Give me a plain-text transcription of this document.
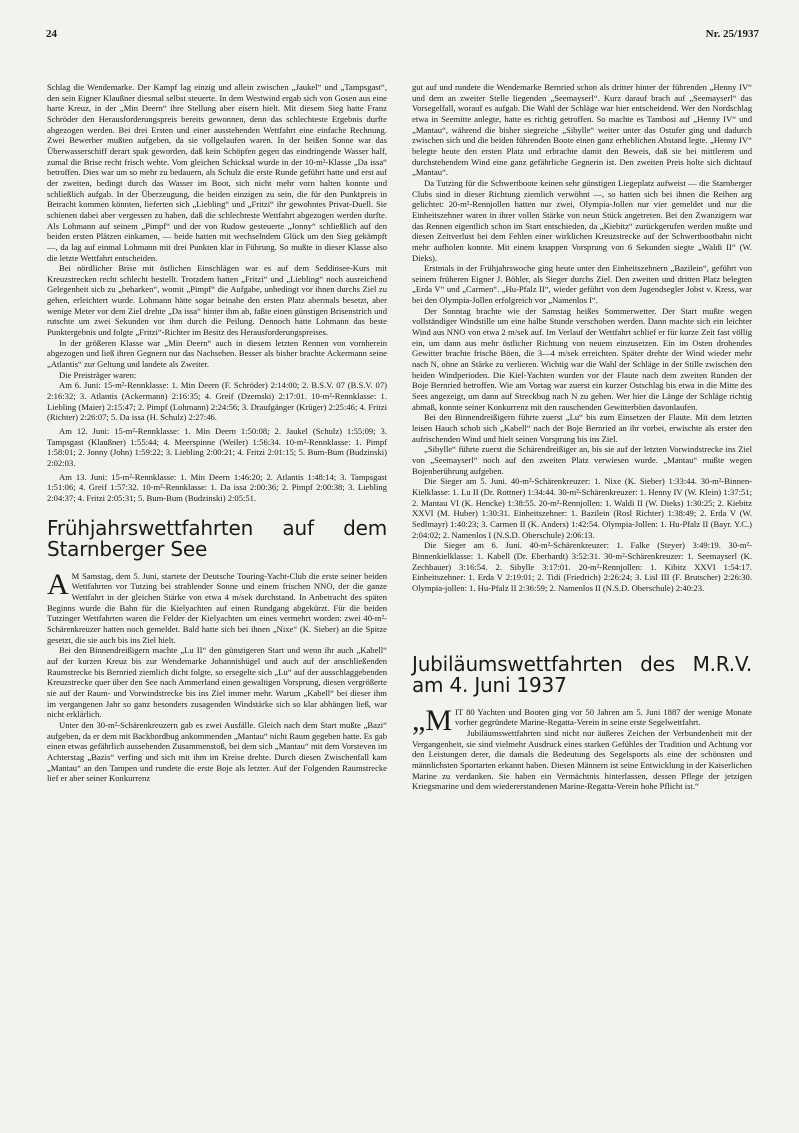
24	Nr. 25/1937

Schlag die Wendemarke. Der Kampf lag einzig und allein zwischen „Jaukel“ und „Tampsgast“, den sein Eigner Klaußner diesmal selbst steuerte. In dem Westwind ergab sich von Gosen aus eine harte Kreuz, in der „Min Deern“ ihre Stellung aber eisern hielt. Mit diesem Sieg hatte Franz Schröder den Herausforderungspreis bereits gewonnen, denn das schlechteste Ergebnis durfte abgezogen werden. Bei drei Ersten und einer ausstehenden Wettfahrt eine einfache Rechnung. Zwei Bewerber mußten aufgeben, da sie vollgelaufen waren. In der heißen Sonne war das Überwasserschiff derart spak geworden, daß kein Schöpfen gegen das eindringende Wasser half, zumal die Brise recht frisch wehte. Vom gleichen Schicksal wurde in der 10-m²-Klasse „Da issa“ betroffen. Dies war um so mehr zu bedauern, als Schulz die erste Runde geführt hatte und erst auf der zweiten, bedingt durch das Wasser im Boot, sich nicht mehr vorn halten konnte und schließlich aufgab. In der Überzeugung, die beiden einzigen zu sein, die für den Punktpreis in Betracht kommen könnten, lieferten sich „Liebling“ und „Fritzi“ ihr gewohntes Privat-Duell. Sie schienen dabei aber vergessen zu haben, daß die schlechteste Wettfahrt abgezogen werden durfte. Als Lohmann auf seinem „Pimpf“ und der von Rudow gesteuerte „Jonny“ schließlich auf den beiden ersten Plätzen einkamen, — beide hatten mit wechselndem Glück um den Sieg gekämpft —, da lag auf einmal Lohmann mit drei Punkten klar in Führung. So mußte in dieser Klasse also die letzte Wettfahrt entscheiden.

Bei nördlicher Brise mit östlichen Einschlägen war es auf dem Seddinsee-Kurs mit Kreuzstrecken recht schlecht bestellt. Trotzdem hatten „Fritzi“ und „Liebling“ noch ausreichend Gelegenheit sich zu „beharken“, womit „Pimpf“ die Aufgabe, unbedingt vor ihnen durchs Ziel zu gehen, erleichtert wurde. Lohmann hätte sogar beinahe den ersten Platz abermals besetzt, aber wenige Meter vor dem Ziel drehte „Da issa“ hinter ihm ab, faßte einen günstigen Brisenstrich und rutschte um zwei Sekunden vor ihm durch die Peilung. Dennoch hatte Lohmann das beste Punktergebnis und folgte „Fritzi“-Richter im Besitz des Herausforderungspreises.

In der größeren Klasse war „Min Deern“ auch in diesem letzten Rennen von vornherein abgezogen und ließ ihren Gegnern nur das Nachsehen. Besser als bisher brachte Ackermann seine „Atlantis“ zur Geltung und landete als Zweiter.

Die Preisträger waren:

Am 6. Juni: 15-m²-Rennklasse: 1. Min Deern (F. Schröder) 2:14:00; 2. B.S.V. 07 (B.S.V. 07) 2:16:32; 3. Atlantis (Ackermann) 2:16:35; 4. Greif (Dzemski) 2:17:01. 10-m²-Rennklasse: 1. Liebling (Maier) 2:15:47; 2. Pimpf (Lohmann) 2:24:56; 3. Draufgänger (Krüger) 2:25:46; 4. Fritzi (Richter) 2:26:07; 5. Da issa (H. Schulz) 2:27:46.

Am 12. Juni: 15-m²-Rennklasse: 1. Min Deern 1:50:08; 2. Jaukel (Schulz) 1:55:09; 3. Tampsgast (Klaußner) 1:55:44; 4. Meerspinne (Weiler) 1:56:34. 10-m²-Rennklasse: 1. Pimpf 1:58:01; 2. Jonny (John) 1:59:22; 3. Liebling 2:00:21; 4. Fritzi 2:01:15; 5. Bum-Bum (Budzinski) 2:02:03.

Am 13. Juni: 15-m²-Rennklasse: 1. Min Deern 1:46:20; 2. Atlantis 1:48:14; 3. Tampsgast 1:51:06; 4. Greif 1:57:32. 10-m²-Rennklasse: 1. Da issa 2:00:36; 2. Pimpf 2:00:38; 3. Liebling 2:04:37; 4. Fritzi 2:05:31; 5. Bum-Bum (Budzinski) 2:05:51.

Frühjahrswettfahrten auf dem Starnberger See

A M Samstag, dem 5. Juni, startete der Deutsche Touring-Yacht-Club die erste seiner beiden Wettfahrten vor Tutzing bei strahlender Sonne und einem frischen NNO, der die ganze Wettfahrt in der gleichen Stärke von etwa 4 m/sek durchstand. In Anbetracht des späten Beginns wurde die Bahn für die Kielyachten auf einen Rundgang abgekürzt. Für die beiden Tutzinger Wettfahrten waren die Felder der Kielyachten um eines vermehrt worden: zwei 40-m²-Schärenkreuzer hatten noch gemeldet. Bald hatte sich bei ihnen „Nixe“ (K. Sieber) an die Spitze gesetzt, die sie auch bis ins Ziel hielt.

Bei den Binnendreißigern machte „Lu II“ den günstigeren Start und wenn ihr auch „Kabell“ auf der kurzen Kreuz bis zur Wendemarke Johannishügel und auch auf der anschließenden Raumstrecke bis Bernried ziemlich dicht folgte, so ersegelte sich „Lu“ auf der ausschlaggebenden Kreuzstrecke quer über den See nach Ammerland einen gewaltigen Vorsprung, diesen vergrößerte sie auf der Raum- und Vorwindstrecke bis ins Ziel immer mehr. Warum „Kabell“ bei dieser ihm im vergangenen Jahr so ganz besonders zusagenden Windstärke sich so klar abhängen ließ, war nicht erklärlich.

Unter den 30-m²-Schärenkreuzern gab es zwei Ausfälle. Gleich nach dem Start mußte „Bazi“ aufgeben, da er dem mit Backbordbug ankommenden „Mantau“ nicht Raum gegeben hatte. Es gab einen etwas gefährlich aussehenden Zusammenstoß, bei dem sich „Mantau“ mit dem Vorsteven im Achterstag „Bazis“ verfing und sich mit ihm im Kreise drehte. Durch diesen Zwischenfall kam „Mantau“ an den Tampen und rundete die erste Boje als letzter. Auf der Folgenden Raumstrecke lief er aber seiner Konkurrenz

gut auf und rundete die Wendemarke Bernried schon als dritter hinter der führenden „Henny IV“ und dem an zweiter Stelle liegenden „Seemayserl“. Kurz darauf brach auf „Seemayserl“ das Vorsegelfall, worauf es aufgab. Die Wahl der Schläge war hier entscheidend. Wer den Nordschlag etwa in Seemitte anlegte, hatte es richtig getroffen. So machte es Tambosi auf „Henny IV“ und „Mantau“, während die bisher siegreiche „Sibylle“ weiter unter das Ostufer ging und dadurch zwischen sich und die beiden führenden Boote einen ganz erheblichen Abstand legte. „Henny IV“ belegte heute den ersten Platz und erbrachte damit den Beweis, daß sie bei mittlerem und durchstehendem Wind eine ganz gefährliche Gegnerin ist. Den zweiten Preis holte sich dichtauf „Mantau“.

Da Tutzing für die Schwertboote keinen sehr günstigen Liegeplatz aufweist — die Starnberger Clubs sind in dieser Richtung ziemlich verwöhnt —, so hatten sich bei ihnen die Reihen arg gelichtet: 20-m²-Rennjollen hatten nur zwei, Olympia-Jollen nur vier gemeldet und nur die Einheitszehner waren in ihrer vollen Stärke von neun Stück angetreten. Bei den Zwanzigern war das Rennen eigentlich schon im Start entschieden, da „Kiebitz“ zurückgerufen werden mußte und diesen Zeitverlust bei dem Fehlen einer wirklichen Kreuzstrecke auf der Schwertbootbahn nicht mehr aufholen konnte. Mit einem knappen Vorsprung von 6 Sekunden siegte „Waldi II“ (W. Dieks).

Erstmals in der Frühjahrswoche ging heute unter den Einheitszehnern „Bazilein“, geführt von seinem früheren Eigner J. Böhler, als Sieger durchs Ziel. Den zweiten und dritten Platz belegten „Erda V“ und „Carmen“. „Hu-Pfalz II“, wieder geführt von dem Jugendsegler Jobst v. Kress, war bei den Olympia-Jollen erfolgreich vor „Namenlos I“.

Der Sonntag brachte wie der Samstag heißes Sommerwetter. Der Start mußte wegen vollständiger Windstille um eine halbe Stunde verschoben werden. Dann machte sich ein leichter Wind aus NNO von etwa 2 m/sek auf. Im Verlauf der Wettfahrt schlief er für kurze Zeit fast völlig ein, um dann aus mehr östlicher Richtung von neuem einzusetzen. Ein im Osten drohendes Gewitter brachte frische Böen, die 3—4 m/sek erreichten. Später drehte der Wind wieder mehr nach N, ohne an Stärke zu verlieren. Wichtig war die Wahl der Schläge in der Stille zwischen den beiden Windperioden. Die Kiel-Yachten wurden vor der Flaute nach dem zweiten Runden der Boje Bernried betroffen. Wie am Vortag war zuerst ein kurzer Ostschlag bis etwa in die Mitte des Sees angezeigt, um dann auf Streckbug nach N zu gehen. Wer hier die Länge der Schläge richtig abmaß, konnte seiner Konkurrenz mit den rauschenden Gewitterböen davonlaufen.

Bei den Binnendreißigern führte zuerst „Lu“ bis zum Einsetzen der Flaute. Mit dem letzten leisen Hauch schob sich „Kabell“ nach der Boje Bernried an ihr vorbei, erwischte als erster den aufrischenden Wind und hielt seinen Vorsprung bis ins Ziel.

„Sibylle“ führte zuerst die Schärendreißiger an, bis sie auf der letzten Vorwindstrecke ins Ziel von „Seemayserl“ noch auf den zweiten Platz verwiesen wurde. „Mantau“ mußte wegen Bojenberührung aufgeben.

Die Sieger am 5. Juni. 40-m²-Schärenkreuzer: 1. Nixe (K. Sieber) 1:33:44. 30-m²-Binnen-Kielklasse: 1. Lu II (Dr. Rottner) 1:34:44. 30-m²-Schärenkreuzer: 1. Henny IV (W. Klein) 1:37:51; 2. Mantau VI (K. Hencke) 1:38:55. 20-m²-Rennjollen: 1. Waldi II (W. Dieks) 1:30:25; 2. Kiebitz XXVI (M. Huber) 1:30:31. Einheitszehner: 1. Bazilein (Rosl Richter) 1:38:49; 2. Erda V (W. Sedlmayr) 1:40:23; 3. Carmen II (K. Anders) 1:42:54. Olympia-Jollen: 1. Hu-Pfalz II (Bayr. Y.C.) 2:04:02; 2. Namenlos I (N.S.D. Oberschule) 2:06:13.

Die Sieger am 6. Juni. 40-m²-Schärenkreuzer: 1. Falke (Steyer) 3:49:19. 30-m²-Binnenkielklasse: 1. Kabell (Dr. Eberhardt) 3:52:31. 30-m²-Schärenkreuzer: 1. Seemayserl (K. Zechbauer) 3:16:54. 2. Sibylle 3:17:01. 20-m²-Rennjollen: 1. Kibitz XXVI 1:54:17. Einheitszehner: 1. Erda V 2:19:01; 2. Tidi (Friedrich) 2:26:24; 3. Lisl III (F. Brutscher) 2:26:30. Olympia-jollen: 1. Hu-Pfalz II 2:36:59; 2. Namenlos II (N.S.D. Oberschule) 2:40:23.

Jubiläumswettfahrten des M.R.V. am 4. Juni 1937

„MIT 80 Yachten und Booten ging vor 50 Jahren am 5. Juni 1887 der wenige Monate vorher gegründete Marine-Regatta-Verein in seine erste Segelwettfahrt.

Jubiläumswettfahrten sind nicht nur äußeres Zeichen der Verbundenheit mit der Vergangenheit, sie sind vielmehr Ausdruck eines starken Gefühles der Tradition und Achtung vor den Leistungen derer, die damals die Bedeutung des Segelsports als eine der schönsten und männlichsten Sportarten erkannt haben. Diesen Männern ist seine Entwicklung in der Kaiserlichen Marine zu verdanken. Sie haben ein Vermächtnis hinterlassen, dessen Pflege der jetzigen Kriegsmarine und dem wiedererstandenen Marine-Regatta-Verein hohe Pflicht ist.“
